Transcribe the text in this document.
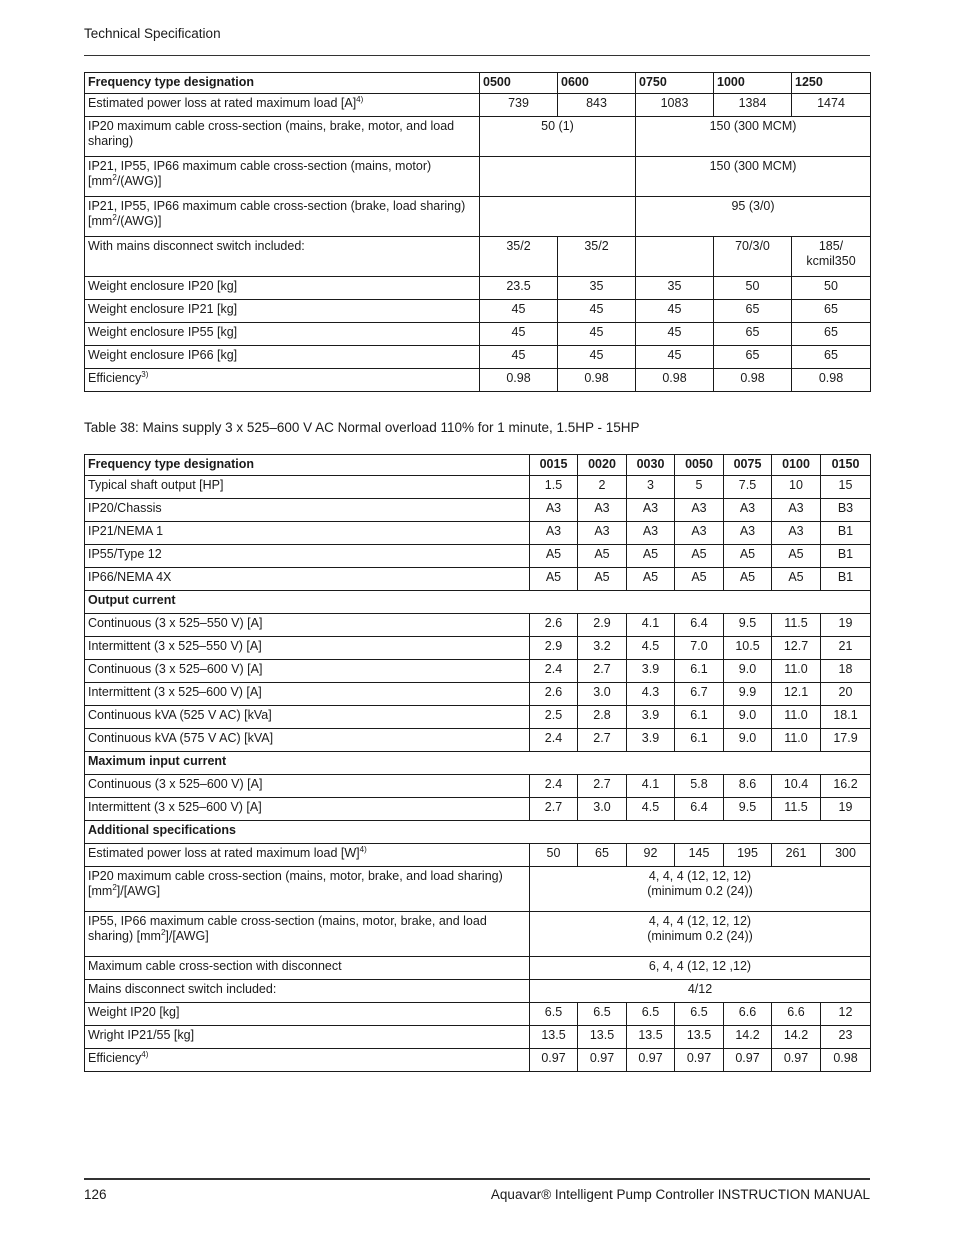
Technical Specification
Frequency type designation	0500	0600	0750	1000	1250
Estimated power loss at rated maximum load $[A]^{4)}$	739	843	1083	1384	1474
IP20 maximum cable cross-section (mains, brake, motor, and load sharing)	50 (1)		150 (300 MCM)		
IP21, IP55, IP66 maximum cable cross-section (mains, motor) $[mm^2/(AWG)]$			150 (300 MCM)		
IP21, IP55, IP66 maximum cable cross-section (brake, load sharing) $[mm^2/(AWG)]$			95 (3/0)		
With mains disconnect switch included:	35/2	35/2		70/3/0	185/ kcmil350
Weight enclosure IP20 [kg]	23.5	35	35	50	50
Weight enclosure IP21 [kg]	45	45	45	65	65
Weight enclosure IP55 [kg]	45	45	45	65	65
Weight enclosure IP66 [kg]	45	45	45	65	65
Efficiency$^{3)}$	0.98	0.98	0.98	0.98	0.98
Table 38: Mains supply 3 x 525–600 V AC Normal overload 110% for 1 minute, 1.5HP - 15HP
Frequency type designation	0015	0020	0030	0050	0075	0100	0150
Typical shaft output [HP]	1.5	2	3	5	7.5	10	15
IP20/Chassis	A3	A3	A3	A3	A3	A3	B3
IP21/NEMA 1	A3	A3	A3	A3	A3	A3	B1
IP55/Type 12	A5	A5	A5	A5	A5	A5	B1
IP66/NEMA 4X	A5	A5	A5	A5	A5	A5	B1
Output current							
Continuous (3 x 525–550 V) [A]	2.6	2.9	4.1	6.4	9.5	11.5	19
Intermittent (3 x 525–550 V) [A]	2.9	3.2	4.5	7.0	10.5	12.7	21
Continuous (3 x 525–600 V) [A]	2.4	2.7	3.9	6.1	9.0	11.0	18
Intermittent (3 x 525–600 V) [A]	2.6	3.0	4.3	6.7	9.9	12.1	20
Continuous kVA (525 V AC) [kVa]	2.5	2.8	3.9	6.1	9.0	11.0	18.1
Continuous kVA (575 V AC) [kVA]	2.4	2.7	3.9	6.1	9.0	11.0	17.9
Maximum input current							
Continuous (3 x 525–600 V) [A]	2.4	2.7	4.1	5.8	8.6	10.4	16.2
Intermittent (3 x 525–600 V) [A]	2.7	3.0	4.5	6.4	9.5	11.5	19
Additional specifications							
Estimated power loss at rated maximum load $[W]^{4)}$	50	65	92	145	195	261	300
IP20 maximum cable cross-section (mains, motor, brake, and load sharing) $[mm^2]/[AWG]$	4, 4, 4 (12, 12, 12)
(minimum 0.2 (24))						

IP55, IP66 maximum cable cross-section (mains, motor, brake, and load sharing) $[mm^2]/[AWG]$	4, 4, 4 (12, 12, 12)
(minimum 0.2 (24))						

Maximum cable cross-section with disconnect	6, 4, 4 (12, 12 ,12)						

Mains disconnect switch included:	4/12						

Weight IP20 [kg]	6.5	6.5	6.5	6.5	6.6	6.6	12
Wright IP21/55 [kg]	13.5	13.5	13.5	13.5	14.2	14.2	23
Efficiency$^{4)}$	0.97	0.97	0.97	0.97	0.97	0.97	0.98
126	Aquavar® Intelligent Pump Controller INSTRUCTION MANUAL
